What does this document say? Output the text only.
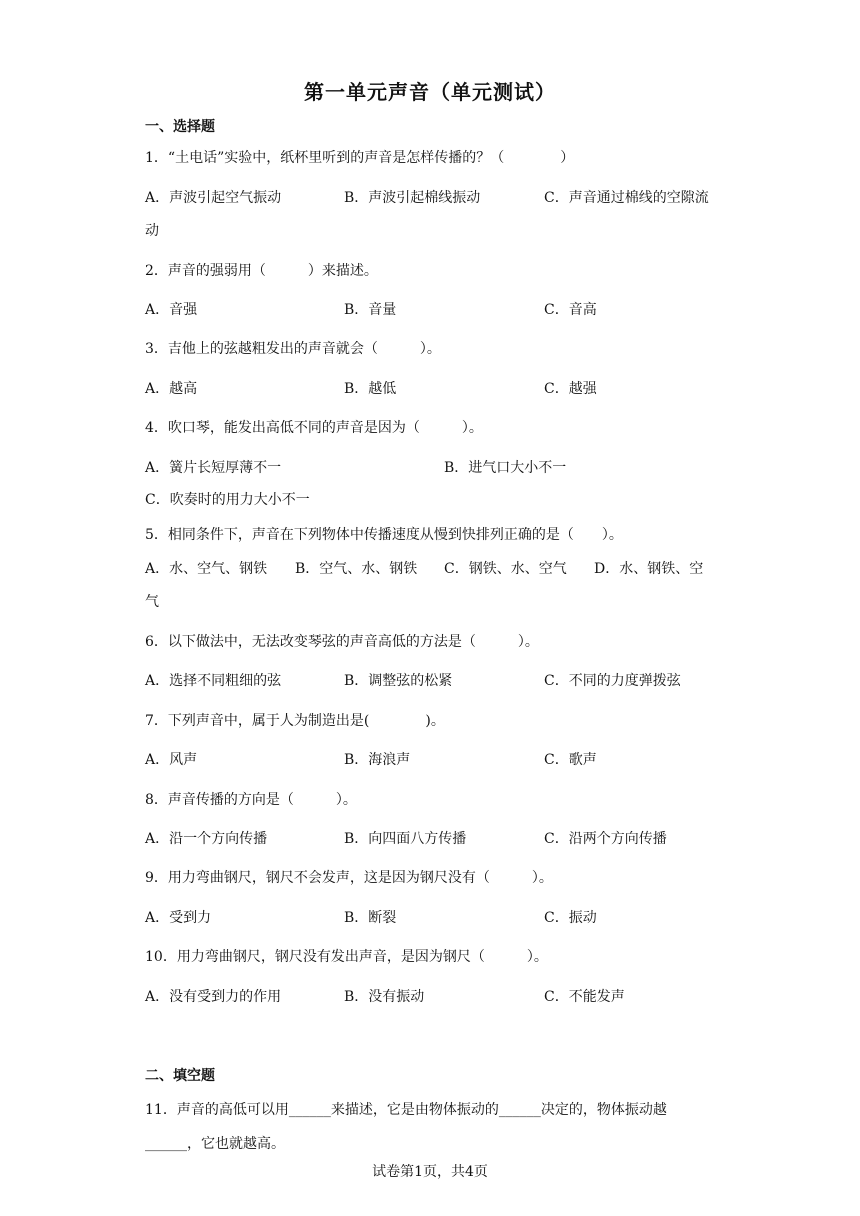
第一单元声音（单元测试）
一、选择题
1．“土电话”实验中，纸杯里听到的声音是怎样传播的？（　　　　）
A．声波引起空气振动	B．声波引起棉线振动	C．声音通过棉线的空隙流
动
2．声音的强弱用（　　　）来描述。
A．音强	B．音量	C．音高
3．吉他上的弦越粗发出的声音就会（　　　）。
A．越高	B．越低	C．越强
4．吹口琴，能发出高低不同的声音是因为（　　　）。
A．簧片长短厚薄不一	B．进气口大小不一
C．吹奏时的用力大小不一
5．相同条件下，声音在下列物体中传播速度从慢到快排列正确的是（　　）。
A．水、空气、钢铁 B．空气、水、钢铁 C．钢铁、水、空气 D．水、钢铁、空
气
6．以下做法中，无法改变琴弦的声音高低的方法是（　　　）。
A．选择不同粗细的弦	B．调整弦的松紧	C．不同的力度弹拨弦
7．下列声音中，属于人为制造出是(　　　　)。
A．风声	B．海浪声	C．歌声
8．声音传播的方向是（　　　）。
A．沿一个方向传播	B．向四面八方传播	C．沿两个方向传播
9．用力弯曲钢尺，钢尺不会发声，这是因为钢尺没有（　　　）。
A．受到力	B．断裂	C．振动
10．用力弯曲钢尺，钢尺没有发出声音，是因为钢尺（　　　）。
A．没有受到力的作用	B．没有振动	C．不能发声
二、填空题
11．声音的高低可以用______来描述，它是由物体振动的______决定的，物体振动越
______，它也就越高。
试卷第1页，共4页
